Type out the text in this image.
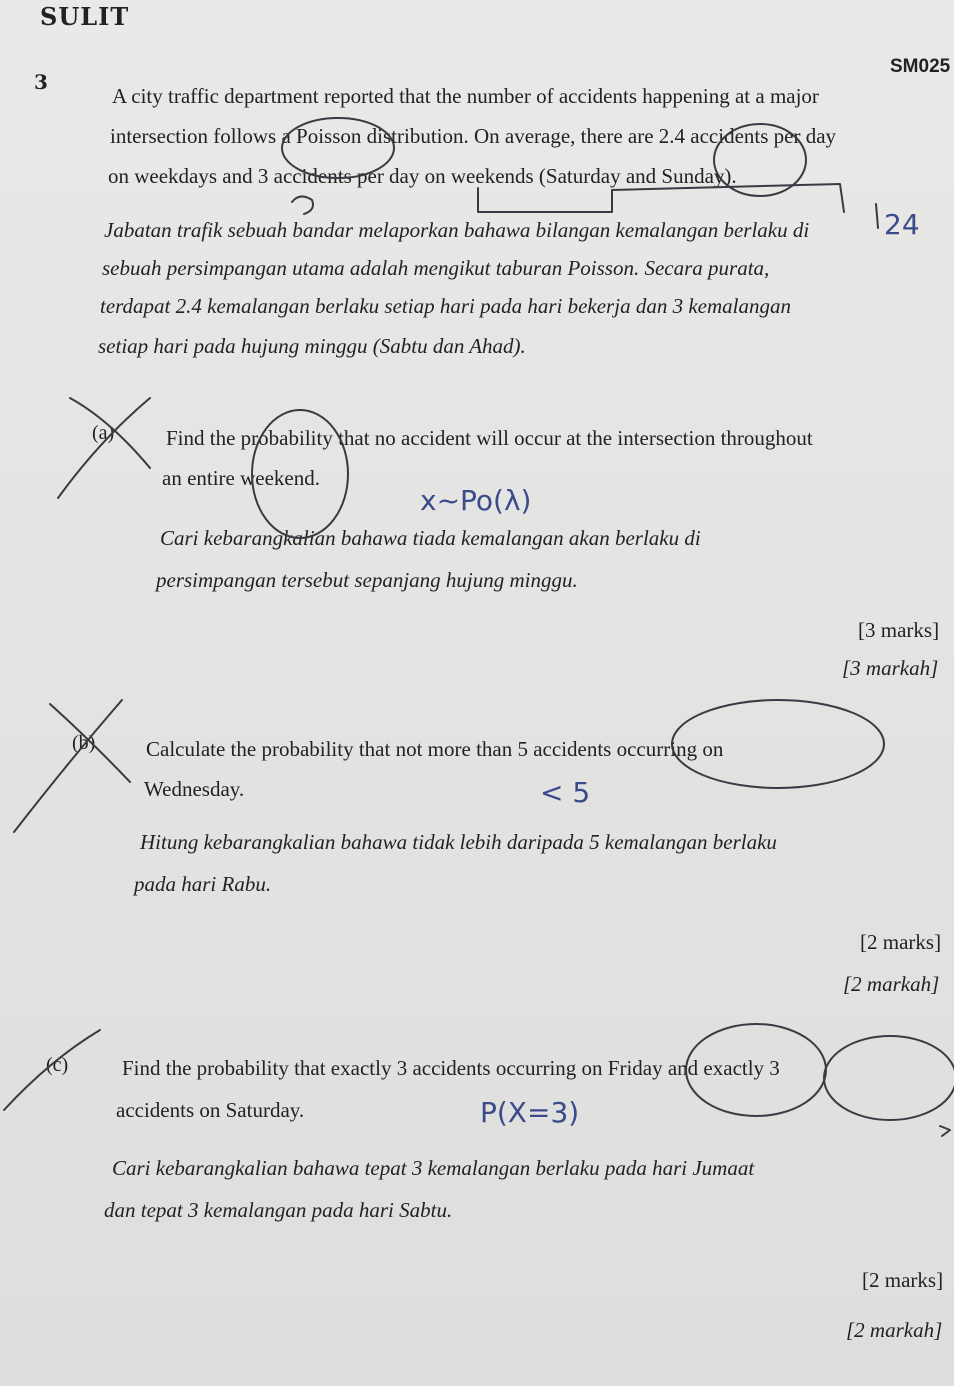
SULIT
SM025
3
A city traffic department reported that the number of accidents happening at a major
intersection follows a Poisson distribution. On average, there are 2.4 accidents per day
on weekdays and 3 accidents per day on weekends (Saturday and Sunday).
Jabatan trafik sebuah bandar melaporkan bahawa bilangan kemalangan berlaku di
sebuah persimpangan utama adalah mengikut taburan Poisson. Secara purata,
terdapat 2.4 kemalangan berlaku setiap hari pada hari bekerja dan 3 kemalangan
setiap hari pada hujung minggu (Sabtu dan Ahad).
(a) Find the probability that no accident will occur at the intersection throughout
an entire weekend.
Cari kebarangkalian bahawa tiada kemalangan akan berlaku di
persimpangan tersebut sepanjang hujung minggu.
[3 marks]
[3 markah]
(b) Calculate the probability that not more than 5 accidents occurring on
Wednesday.
Hitung kebarangkalian bahawa tidak lebih daripada 5 kemalangan berlaku
pada hari Rabu.
[2 marks]
[2 markah]
(c)	Find the probability that exactly 3 accidents occurring on Friday and exactly 3
accidents on Saturday.
Cari kebarangkalian bahawa tepat 3 kemalangan berlaku pada hari Jumaat
dan tepat 3 kemalangan pada hari Sabtu.
[2 marks]
[2 markah]
24
x~Po(λ)
< 5
P(X=3)
